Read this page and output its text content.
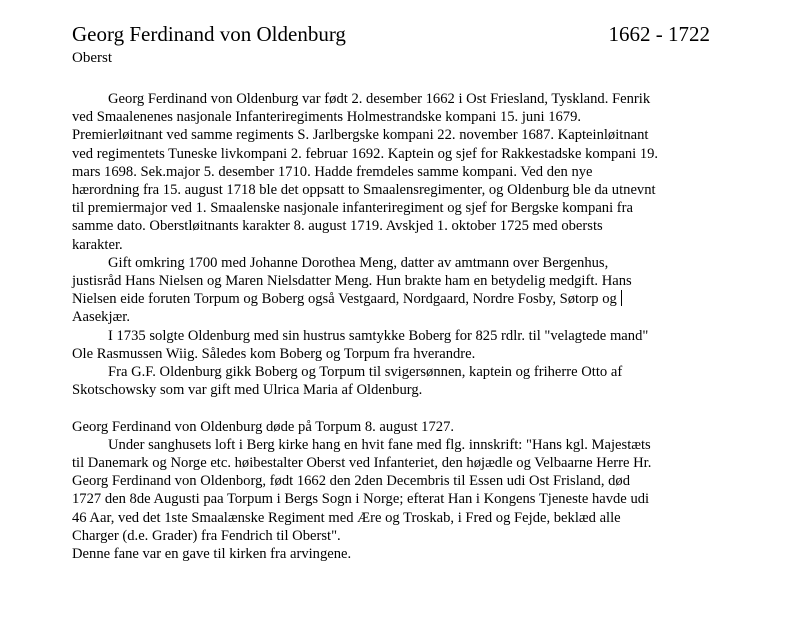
Georg Ferdinand von Oldenburg	1662 - 1722
Oberst
Georg Ferdinand von Oldenburg var født 2. desember 1662 i Ost Friesland, Tyskland. Fenrik
ved Smaalenenes nasjonale Infanteriregiments Holmestrandske kompani 15. juni 1679.
Premierløitnant ved samme regiments S. Jarlbergske kompani 22. november 1687. Kapteinløitnant
ved regimentets Tuneske livkompani 2. februar 1692. Kaptein og sjef for Rakkestadske kompani 19.
mars 1698. Sek.major 5. desember 1710. Hadde fremdeles samme kompani. Ved den nye
hærordning fra 15. august 1718 ble det oppsatt to Smaalensregimenter, og Oldenburg ble da utnevnt
til premiermajor ved 1. Smaalenske nasjonale infanteriregiment og sjef for Bergske kompani fra
samme dato. Oberstløitnants karakter 8. august 1719. Avskjed 1. oktober 1725 med obersts
karakter.
Gift omkring 1700 med Johanne Dorothea Meng, datter av amtmann over Bergenhus,
justisråd Hans Nielsen og Maren Nielsdatter Meng. Hun brakte ham en betydelig medgift. Hans
Nielsen eide foruten Torpum og Boberg også Vestgaard, Nordgaard, Nordre Fosby, Søtorp og
Aasekjær.
I 1735 solgte Oldenburg med sin hustrus samtykke Boberg for 825 rdlr. til "velagtede mand"
Ole Rasmussen Wiig. Således kom Boberg og Torpum fra hverandre.
Fra G.F. Oldenburg gikk Boberg og Torpum til svigersønnen, kaptein og friherre Otto af
Skotschowsky som var gift med Ulrica Maria af Oldenburg.
Georg Ferdinand von Oldenburg døde på Torpum 8. august 1727.
Under sanghusets loft i Berg kirke hang en hvit fane med flg. innskrift: "Hans kgl. Majestæts
til Danemark og Norge etc. høibestalter Oberst ved Infanteriet, den højædle og Velbaarne Herre Hr.
Georg Ferdinand von Oldenborg, født 1662 den 2den Decembris til Essen udi Ost Frisland, død
1727 den 8de Augusti paa Torpum i Bergs Sogn i Norge; efterat Han i Kongens Tjeneste havde udi
46 Aar, ved det 1ste Smaalænske Regiment med Ære og Troskab, i Fred og Fejde, beklæd alle
Charger (d.e. Grader) fra Fendrich til Oberst".
Denne fane var en gave til kirken fra arvingene.
